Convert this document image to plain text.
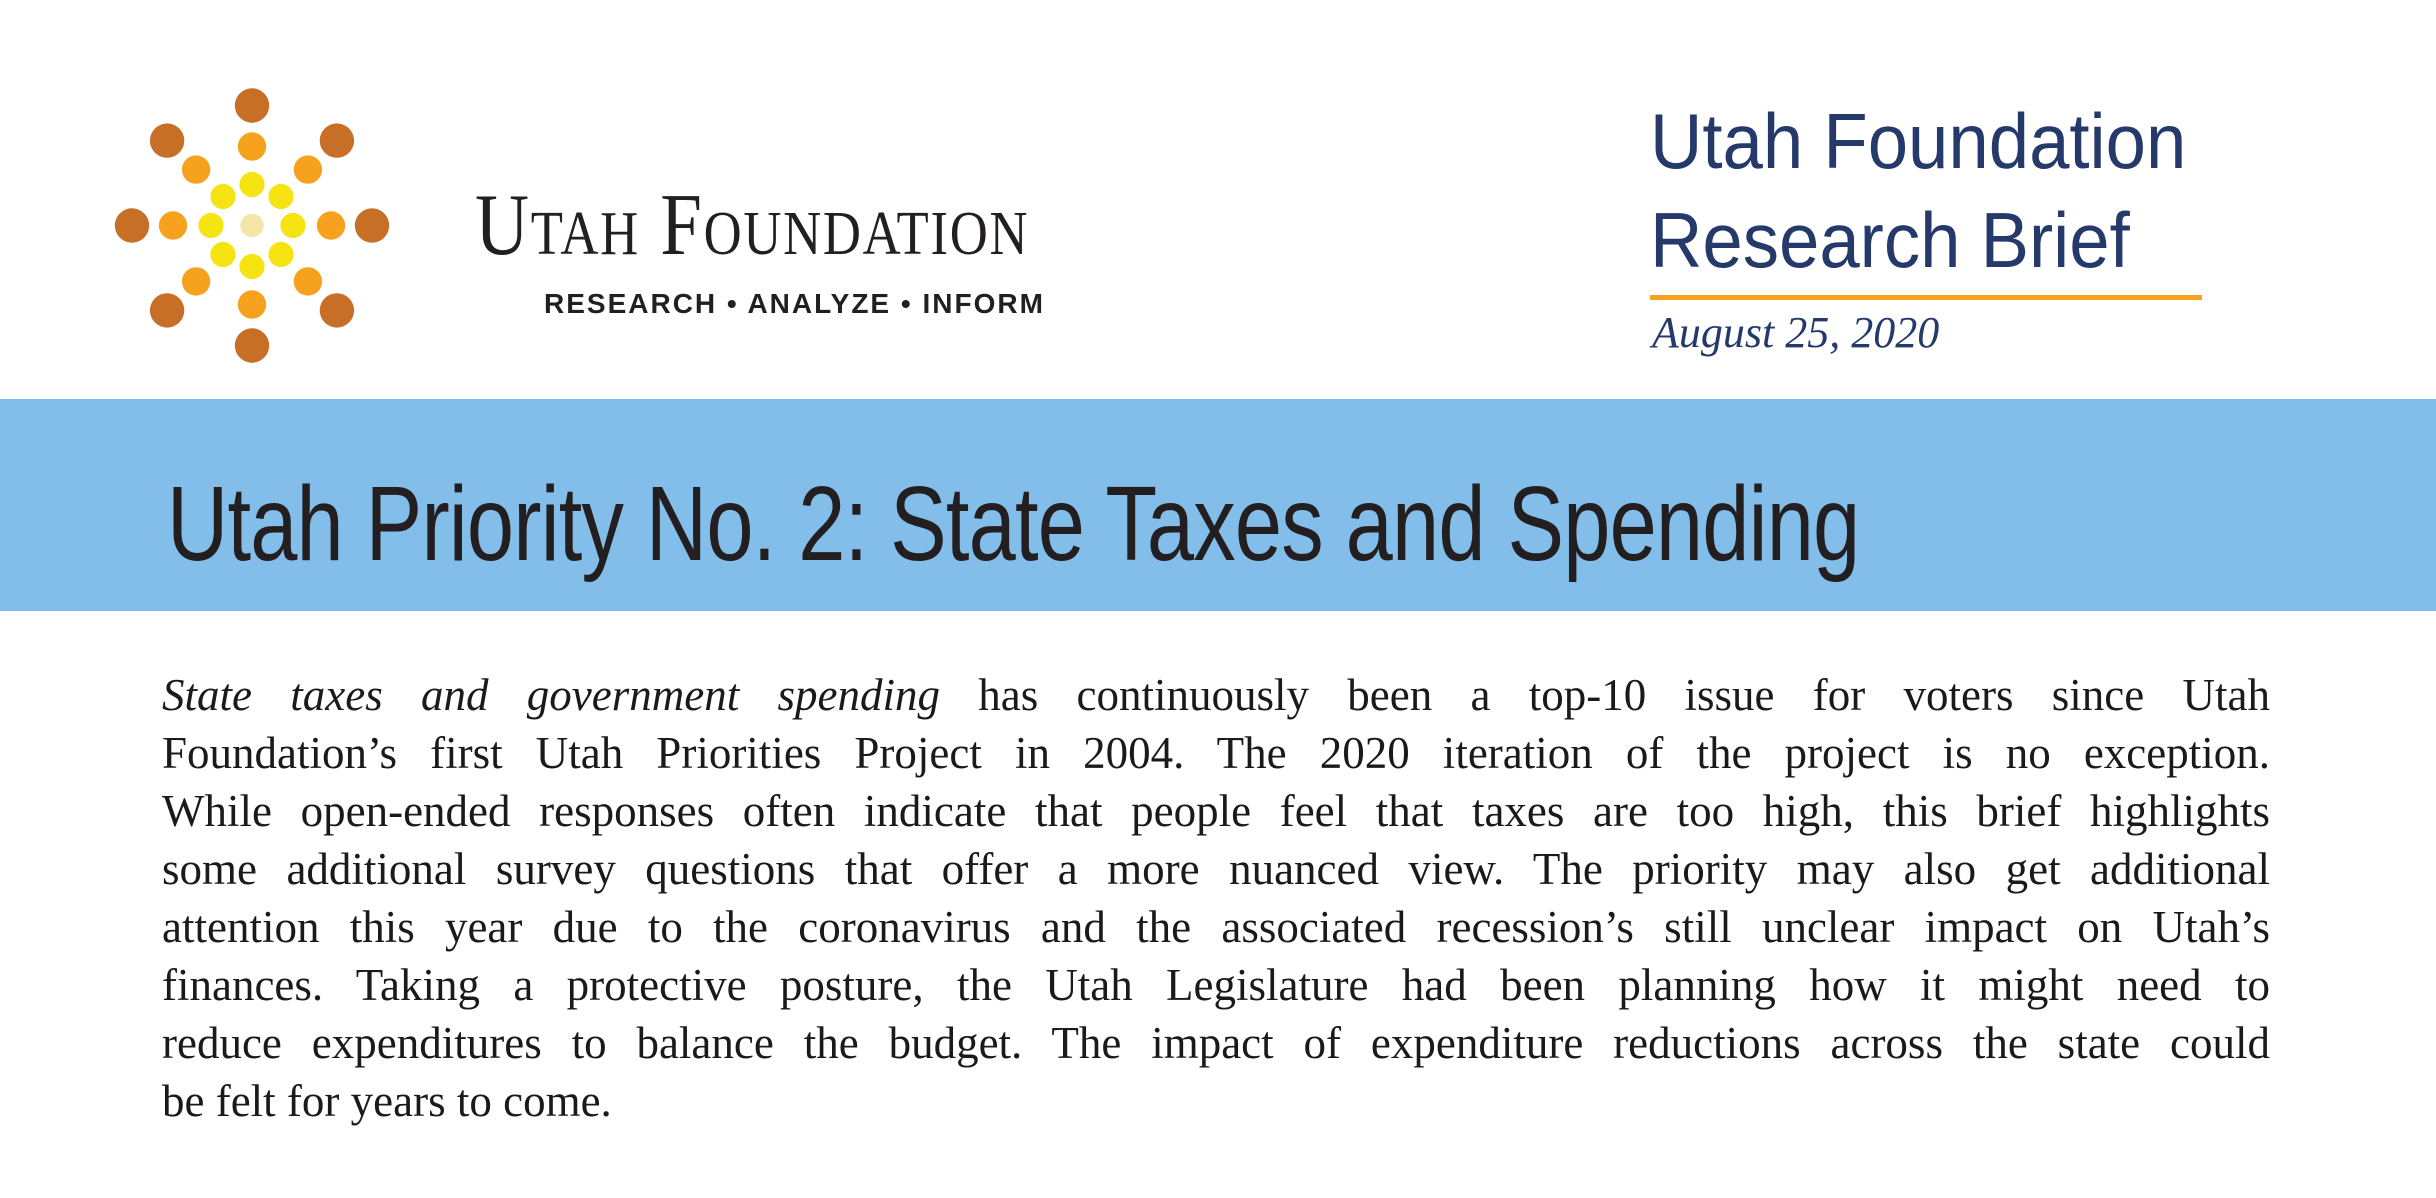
Utah Foundation
RESEARCH • ANALYZE • INFORM
Utah Foundation
Research Brief
August 25, 2020
Utah Priority No. 2: State Taxes and Spending
State taxes and government spending has continuously been a top-10 issue for voters since Utah
Foundation’s first Utah Priorities Project in 2004. The 2020 iteration of the project is no exception.
While open-ended responses often indicate that people feel that taxes are too high, this brief highlights
some additional survey questions that offer a more nuanced view. The priority may also get additional
attention this year due to the coronavirus and the associated recession’s still unclear impact on Utah’s
finances. Taking a protective posture, the Utah Legislature had been planning how it might need to
reduce expenditures to balance the budget. The impact of expenditure reductions across the state could
be felt for years to come.
